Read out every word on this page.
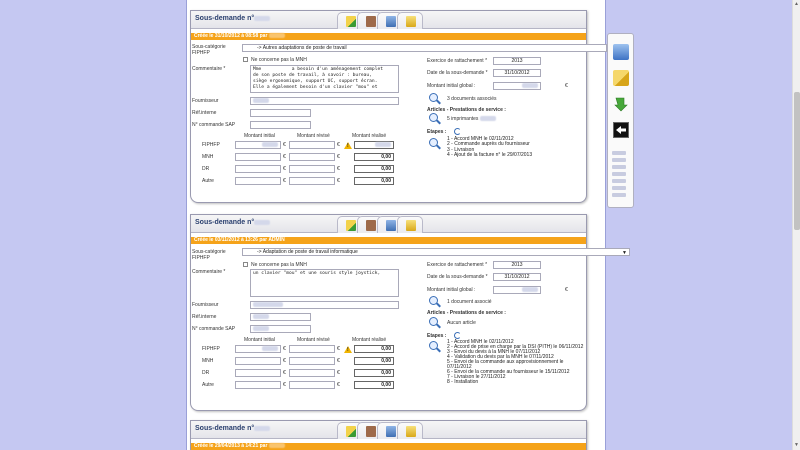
Sous-demande n°
Créée le 31/10/2012 à 08:58 par
Sous-catégorie FIPHFP
-> Autres adaptations de poste de travail
Ne concerne pas la MNH
Commentaire *	Mme           a besoin d'un aménagement complet
de son poste de travail, à savoir : bureau,
siège ergonomique, support UC, support écran.
Elle a également besoin d'un clavier "mou" et
Fournisseur
Réf.interne
N° commande SAP
Exercice de rattachement *	2013
Date de la sous-demande *	31/10/2012
Montant initial global :	€
3 documents associés
Articles - Prestations de service :
5 imprimantes
Etapes :
1 - Accord MNH le 02/11/2012
2 - Commande auprès du fournisseur
3 - Livraison
4 - Ajout de la facture n° le 29/07/2013
Montant initial	Montant révisé	Montant réalisé
FIPHFP	€	€
!
MNH	€	€	0,00
DR	€	€	0,00
Autre	€	€	0,00
Sous-demande n°
Créée le 03/11/2012 à 13:26 par ADMIN
Sous-catégorie FIPHFP
-> Adaptation de poste de travail informatique	▼
Ne concerne pas la MNH
Commentaire *	un clavier "mou" et une souris style joystick,
Fournisseur
Réf.interne
N° commande SAP
Exercice de rattachement *	2013
Date de la sous-demande *	31/10/2012
Montant initial global :	€
1 document associé
Articles - Prestations de service :
Aucun article
Etapes :
1 - Accord MNH le 02/11/2012
2 - Accord de prise en charge par la DSI (PITH) le 06/11/2012
3 - Envoi du devis à la MNH le 07/11/2012
4 - Validation du devis par la MNH le 07/11/2012
5 - Envoi de la commande aux approvisionnement le 07/11/2012
6 - Envoi de la commande au fournisseur le 15/11/2012
7 - Livraison le 27/11/2012
8 - Installation
Montant initial	Montant révisé	Montant réalisé
FIPHFP	€	€
!	0,00
MNH	€	€	0,00
DR	€	€	0,00
Autre	€	€	0,00
Sous-demande n°
Créée le 29/04/2013 à 14:21 par
▲
▼
